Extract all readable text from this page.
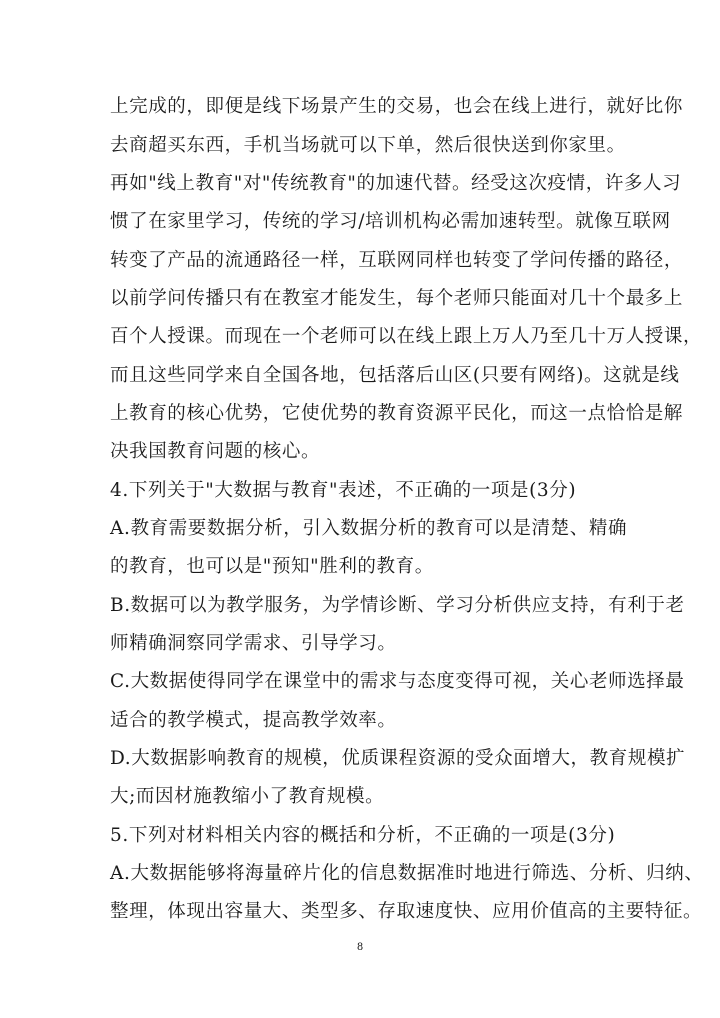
上完成的，即便是线下场景产生的交易，也会在线上进行，就好比你
去商超买东西，手机当场就可以下单，然后很快送到你家里。
再如"线上教育"对"传统教育"的加速代替。经受这次疫情，许多人习
惯了在家里学习，传统的学习/培训机构必需加速转型。就像互联网
转变了产品的流通路径一样，互联网同样也转变了学问传播的路径，
以前学问传播只有在教室才能发生，每个老师只能面对几十个最多上
百个人授课。而现在一个老师可以在线上跟上万人乃至几十万人授课，
而且这些同学来自全国各地，包括落后山区(只要有网络)。这就是线
上教育的核心优势，它使优势的教育资源平民化，而这一点恰恰是解
决我国教育问题的核心。
4.下列关于"大数据与教育"表述，不正确的一项是(3分)
A.教育需要数据分析，引入数据分析的教育可以是清楚、精确
的教育，也可以是"预知"胜利的教育。
B.数据可以为教学服务，为学情诊断、学习分析供应支持，有利于老
师精确洞察同学需求、引导学习。
C.大数据使得同学在课堂中的需求与态度变得可视，关心老师选择最
适合的教学模式，提高教学效率。
D.大数据影响教育的规模，优质课程资源的受众面增大，教育规模扩
大;而因材施教缩小了教育规模。
5.下列对材料相关内容的概括和分析，不正确的一项是(3分)
A.大数据能够将海量碎片化的信息数据准时地进行筛选、分析、归纳、
整理，体现出容量大、类型多、存取速度快、应用价值高的主要特征。
8
